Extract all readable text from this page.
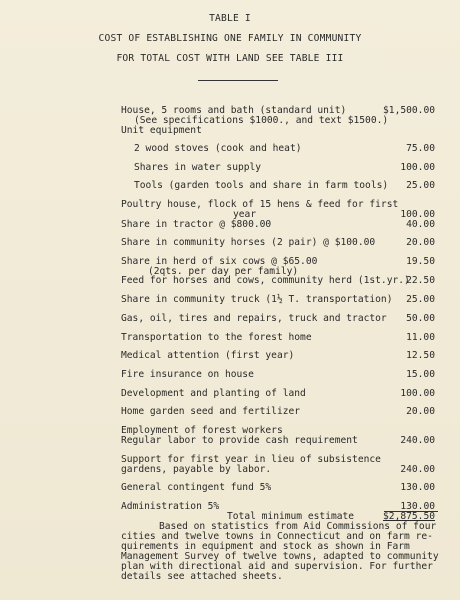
TABLE I
COST OF ESTABLISHING ONE FAMILY IN COMMUNITY
FOR TOTAL COST WITH LAND SEE TABLE III
House, 5 rooms and bath (standard unit)	$1,500.00
(See specifications $1000., and text $1500.)
Unit equipment
2 wood stoves (cook and heat)	75.00
Shares in water supply	100.00
Tools (garden tools and share in farm tools) 25.00
Poultry house, flock of 15 hens & feed for first
year	100.00
Share in tractor @ $800.00	40.00
Share in community horses (2 pair) @ $100.00	20.00
Share in herd of six cows @ $65.00	19.50
(2qts. per day per family)
Feed for horses and cows, community herd (1st.yr.)
22.50
Share in community truck (1½ T. transportation) 25.00
Gas, oil, tires and repairs, truck and tractor 50.00
Transportation to the forest home	11.00
Medical attention (first year)	12.50
Fire insurance on house	15.00
Development and planting of land	100.00
Home garden seed and fertilizer	20.00
Employment of forest workers
Regular labor to provide cash requirement	240.00
Support for first year in lieu of subsistence
gardens, payable by labor.	240.00
General contingent fund 5%	130.00
Administration 5%	130.00
Total minimum estimate	$2,875.50
Based on statistics from Aid Commissions of four
cities and twelve towns in Connecticut and on farm re-
quirements in equipment and stock as shown in Farm
Management Survey of twelve towns, adapted to community
plan with directional aid and supervision. For further
details see attached sheets.
